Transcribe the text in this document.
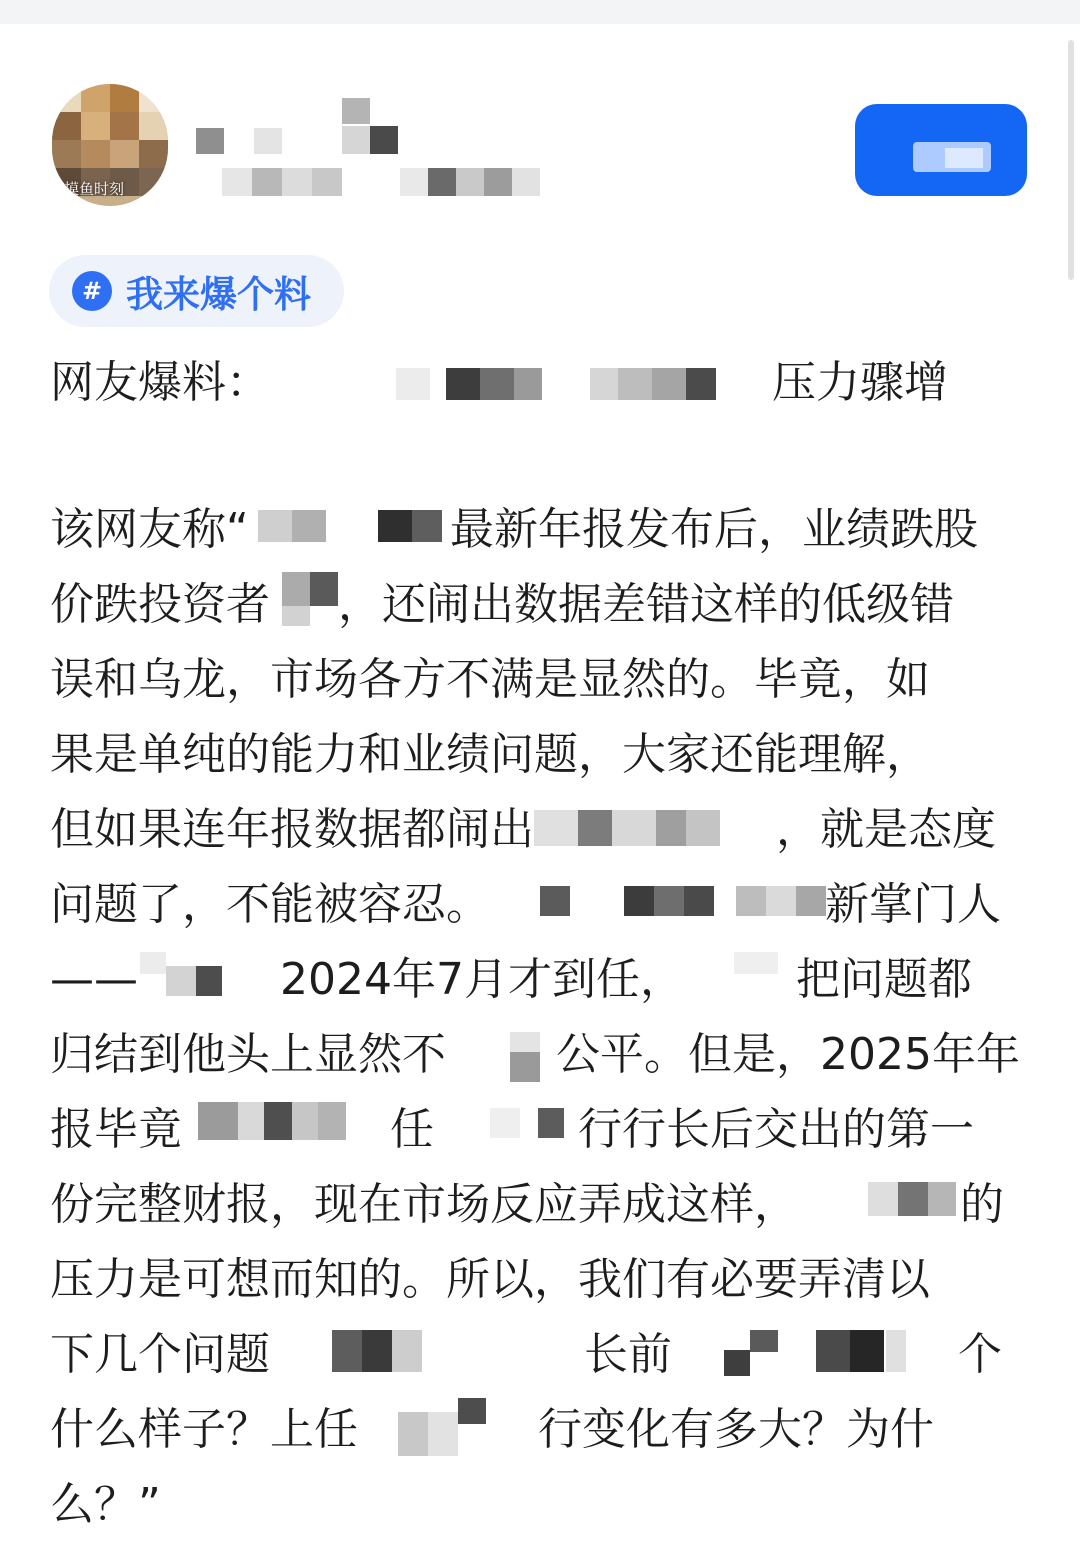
摸鱼时刻
# 我来爆个料
网友爆料：	压力骤增
该网友称“	最新年报发布后，业绩跌股
价跌投资者 ，还闹出数据差错这样的低级错
误和乌龙，市场各方不满是显然的。毕竟，如
果是单纯的能力和业绩问题，大家还能理解，
但如果连年报数据都闹出	，就是态度
问题了，不能被容忍。	新掌门人
——	2024年7月才到任，	把问题都
归结到他头上显然不	公平。但是，2025年年
报毕竟	任	行行长后交出的第一
份完整财报，现在市场反应弄成这样，	的
压力是可想而知的。所以，我们有必要弄清以
下几个问题	长前	个
什么样子？上任	行变化有多大？为什
么？”
